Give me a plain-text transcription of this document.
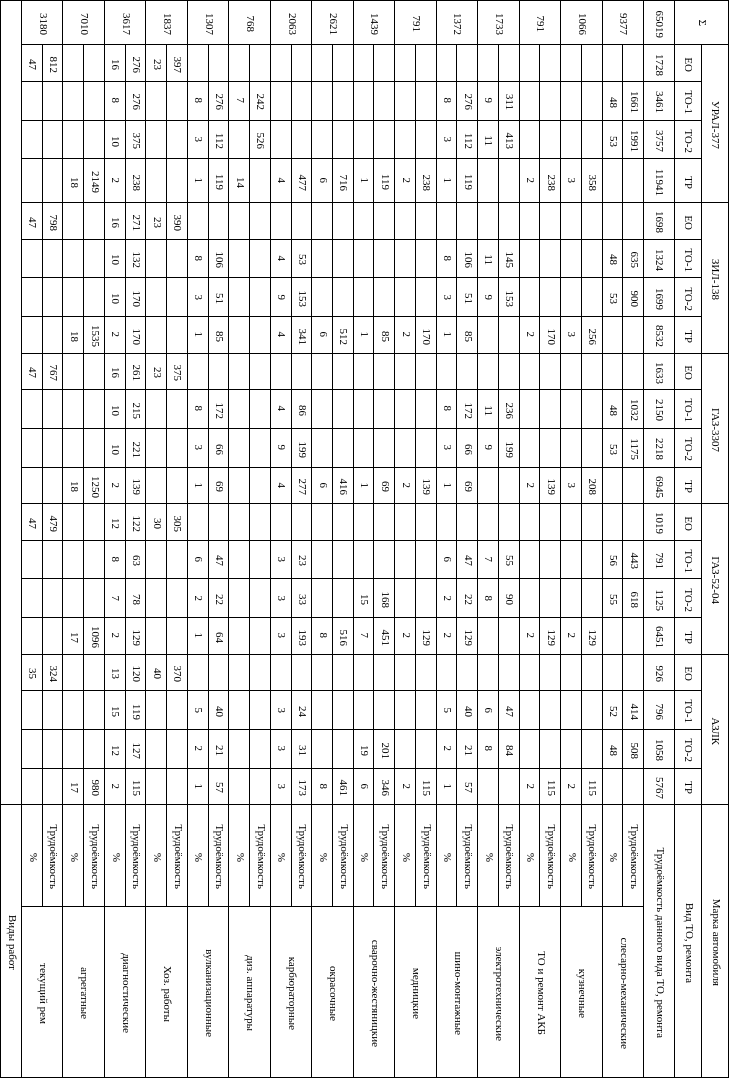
Марка автомобиля	Вид ТО, ремонта	Трудоёмкость данного вида ТО, ремонта	слесарно-механические		кузнечные		ТО и ремонт АКБ		электротехнические		шино-монтажные		медницкие		сварочно-жестяницкие		окрасочные		карбюраторные		диз. аппаратуры		вулканизационные		Хоз. работы		диагностические		агрегатные		текущий рем		Виды работ
			Трудоёмкость	%	Трудоёмкость	%	Трудоёмкость	%	Трудоёмкость	%	Трудоёмкость	%	Трудоёмкость	%	Трудоёмкость	%	Трудоёмкость	%	Трудоёмкость	%	Трудоёмкость	%	Трудоёмкость	%	Трудоёмкость	%	Трудоёмкость	%	Трудоёмкость	%	Трудоёмкость	%	
АЗЛК	ТР	5767			115	2	115	2			57	1	115	2	346	6	461	8	173	3			57	1			115	2	980	17			
	ТО-2	1058	508	48					84	8	21	2			201	19			31	3			21	2			127	12					
	ТО-1	796	414	52					47	6	40	5							24	3			40	5			119	15					
	ЕО	926																							370	40	120	13			324	35	
ГАЗ-52-04	ТР	6451			129	2	129	2			129	2	129	2	451	7	516	8	193	3			64	1			129	2	1096	17			
	ТО-2	1125	618	55					90	8	22	2			168	15			33	3			22	2			78	7					
	ТО-1	791	443	56					55	7	47	6							23	3			47	6			63	8					
	ЕО	1019																							305	30	122	12			479	47	
ГАЗ-3307	ТР	6945			208	3	139	2			69	1	139	2	69	1	416	6	277	4			69	1			139	2	1250	18			
	ТО-2	2218	1175	53					199	9	66	3							199	9			66	3			221	10					
	ТО-1	2150	1032	48					236	11	172	8							86	4			172	8			215	10					
	ЕО	1633																							375	23	261	16			767	47	
ЗИЛ-138	ТР	8532			256	3	170	2			85	1	170	2	85	1	512	6	341	4			85	1			170	2	1535	18			
	ТО-2	1699	900	53					153	9	51	3							153	9			51	3			170	10					
	ТО-1	1324	635	48					145	11	106	8							53	4			106	8			132	10					
	ЕО	1698																							390	23	271	16			798	47	
УРАЛ-377	ТР	11941			358	3	238	2			119	1	238	2	119	1	716	6	477	4		14	119	1			238	2	2149	18			
	ТО-2	3757	1991	53					413	11	112	3									526		112	3			375	10					
	ТО-1	3461	1661	48					311	9	276	8									242	7	276	8			276	8					
	ЕО	1728																							397	23	276	16			812	47	
Σ		65019	9377		1066		791		1733		1372		791		1439		2621		2063		768		1307		1837		3617		7010		3180		
